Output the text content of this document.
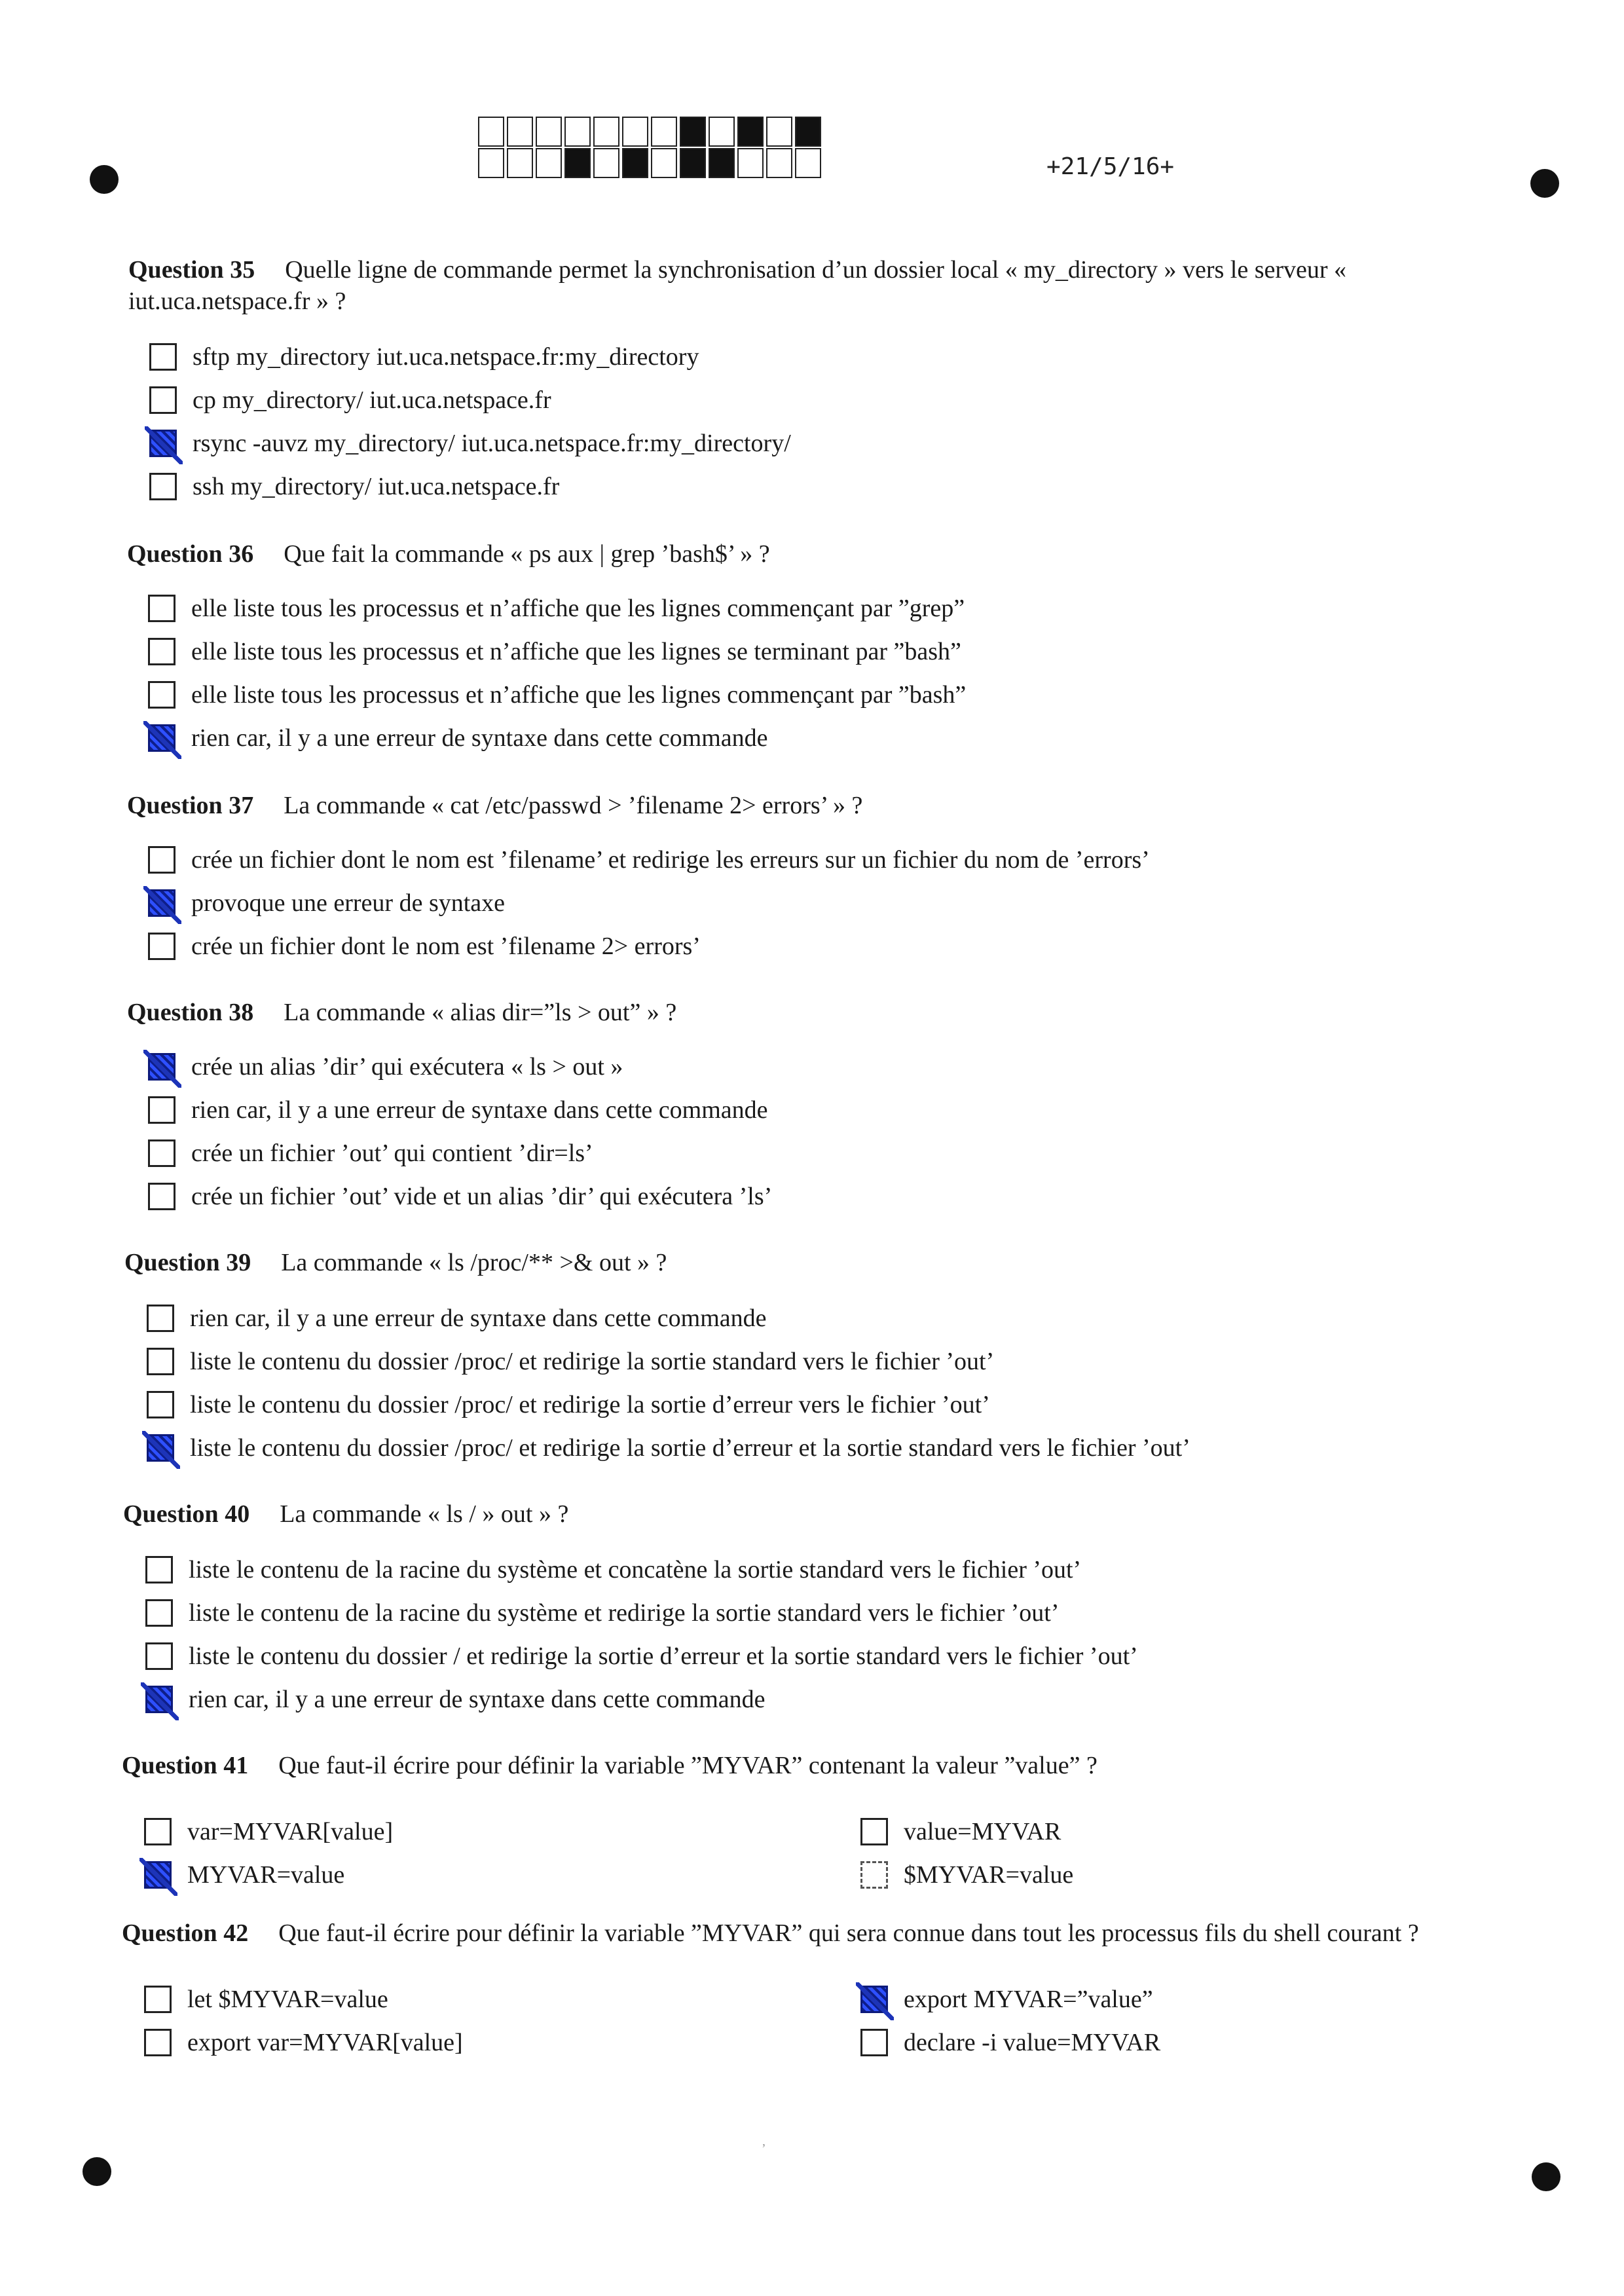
+21/5/16+
Question 35 Quelle ligne de commande permet la synchronisation d’un dossier local « my_directory » vers le serveur « iut.uca.netspace.fr » ?
sftp my_directory iut.uca.netspace.fr:my_directory
cp my_directory/ iut.uca.netspace.fr
rsync -auvz my_directory/ iut.uca.netspace.fr:my_directory/
ssh my_directory/ iut.uca.netspace.fr
Question 36 Que fait la commande « ps aux | grep ’bash$’ » ?
elle liste tous les processus et n’affiche que les lignes commençant par ”grep”
elle liste tous les processus et n’affiche que les lignes se terminant par ”bash”
elle liste tous les processus et n’affiche que les lignes commençant par ”bash”
rien car, il y a une erreur de syntaxe dans cette commande
Question 37 La commande « cat /etc/passwd > ’filename 2> errors’ » ?
crée un fichier dont le nom est ’filename’ et redirige les erreurs sur un fichier du nom de ’errors’
provoque une erreur de syntaxe
crée un fichier dont le nom est ’filename 2> errors’
Question 38 La commande « alias dir=”ls > out” » ?
crée un alias ’dir’ qui exécutera « ls > out »
rien car, il y a une erreur de syntaxe dans cette commande
crée un fichier ’out’ qui contient ’dir=ls’
crée un fichier ’out’ vide et un alias ’dir’ qui exécutera ’ls’
Question 39 La commande « ls /proc/** >& out » ?
rien car, il y a une erreur de syntaxe dans cette commande
liste le contenu du dossier /proc/ et redirige la sortie standard vers le fichier ’out’
liste le contenu du dossier /proc/ et redirige la sortie d’erreur vers le fichier ’out’
liste le contenu du dossier /proc/ et redirige la sortie d’erreur et la sortie standard vers le fichier ’out’
Question 40 La commande « ls / » out » ?
liste le contenu de la racine du système et concatène la sortie standard vers le fichier ’out’
liste le contenu de la racine du système et redirige la sortie standard vers le fichier ’out’
liste le contenu du dossier / et redirige la sortie d’erreur et la sortie standard vers le fichier ’out’
rien car, il y a une erreur de syntaxe dans cette commande
Question 41 Que faut-il écrire pour définir la variable ”MYVAR” contenant la valeur ”value” ?
var=MYVAR[value]
MYVAR=value
value=MYVAR
$MYVAR=value
Question 42 Que faut-il écrire pour définir la variable ”MYVAR” qui sera connue dans tout les processus fils du shell courant ?
let $MYVAR=value
export var=MYVAR[value]
export MYVAR=”value”
declare -i value=MYVAR
’
